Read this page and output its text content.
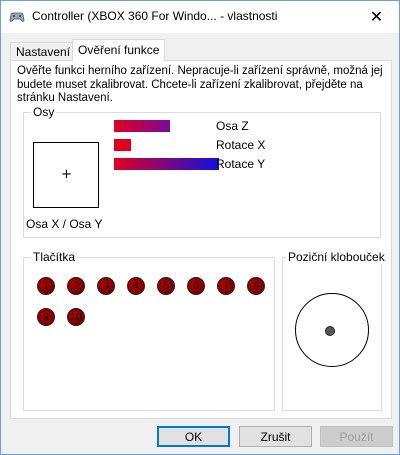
Controller (XBOX 360 For Windo... - vlastnosti	✕
Nastavení Ověření funkce
Ověřte funkci herního zařízení. Nepracuje-li zařízení správně, možná jej budete muset zkalibrovat. Chcete-li zařízení zkalibrovat, přejděte na stránku Nastavení.
Osy
+
Osa X / Osa Y
Tlačítka	Poziční klobouček
OK	Zrušit	Použít
Osa Z
Rotace X
Rotace Y
1	2	3	4	5	6	7	8
9	10
